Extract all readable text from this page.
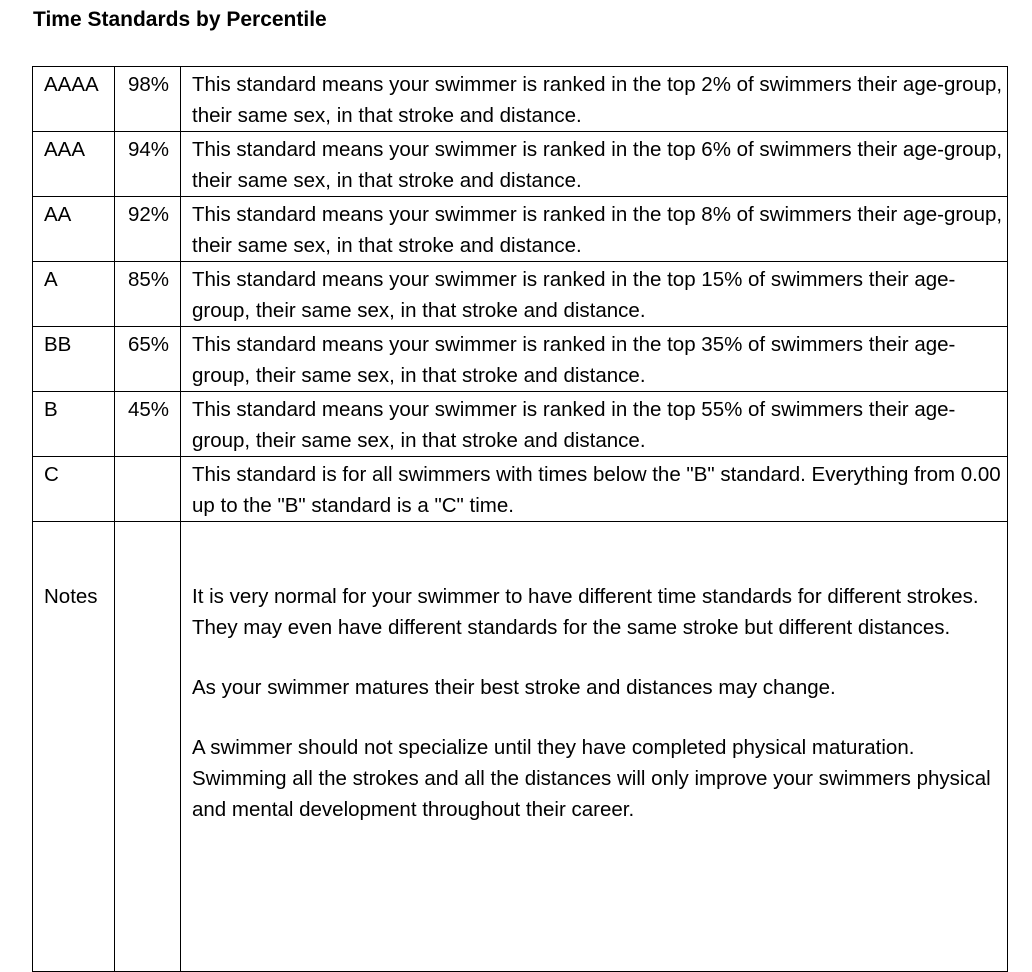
Time Standards by Percentile
AAAA	98%	This standard means your swimmer is ranked in the top 2% of swimmers their age-group, their same sex, in that stroke and distance.
AAA	94%	This standard means your swimmer is ranked in the top 6% of swimmers their age-group, their same sex, in that stroke and distance.
AA	92%	This standard means your swimmer is ranked in the top 8% of swimmers their age-group, their same sex, in that stroke and distance.
A	85%	This standard means your swimmer is ranked in the top 15% of swimmers their age-group, their same sex, in that stroke and distance.
BB	65%	This standard means your swimmer is ranked in the top 35% of swimmers their age-group, their same sex, in that stroke and distance.
B	45%	This standard means your swimmer is ranked in the top 55% of swimmers their age-group, their same sex, in that stroke and distance.
C		This standard is for all swimmers with times below the "B" standard. Everything from 0.00 up to the "B" standard is a "C" time.
Notes		It is very normal for your swimmer to have different time standards for different strokes. They may even have different standards for the same stroke but different distances.

As your swimmer matures their best stroke and distances may change.

A swimmer should not specialize until they have completed physical maturation. Swimming all the strokes and all the distances will only improve your swimmers physical and mental development throughout their career.
